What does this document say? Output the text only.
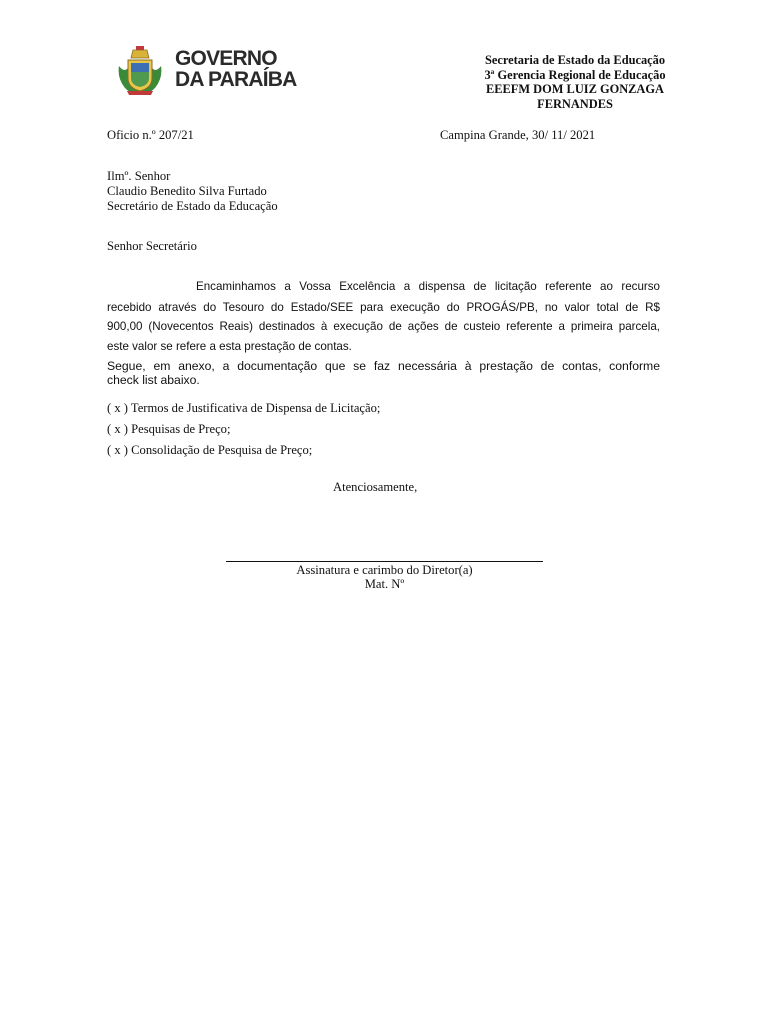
GOVERNO
DA PARAÍBA
Secretaria de Estado da Educação
3ª Gerencia Regional de Educação
EEEFM DOM LUIZ GONZAGA
FERNANDES
Oficio n.º 207/21	Campina Grande, 30/ 11/ 2021
Ilmº. Senhor
Claudio Benedito Silva Furtado
Secretário de Estado da Educação
Senhor Secretário
Encaminhamos a Vossa Excelência a dispensa de licitação referente ao recurso
recebido através do Tesouro do Estado/SEE para execução do PROGÁS/PB, no valor total de R$
900,00 (Novecentos Reais) destinados à execução de ações de custeio referente a primeira parcela,
este valor se refere a esta prestação de contas.
Segue, em anexo, a documentação que se faz necessária à prestação de contas, conforme
check list abaixo.
( x ) Termos de Justificativa de Dispensa de Licitação;
( x ) Pesquisas de Preço;
( x ) Consolidação de Pesquisa de Preço;
Atenciosamente,
Assinatura e carimbo do Diretor(a)
Mat. Nº
